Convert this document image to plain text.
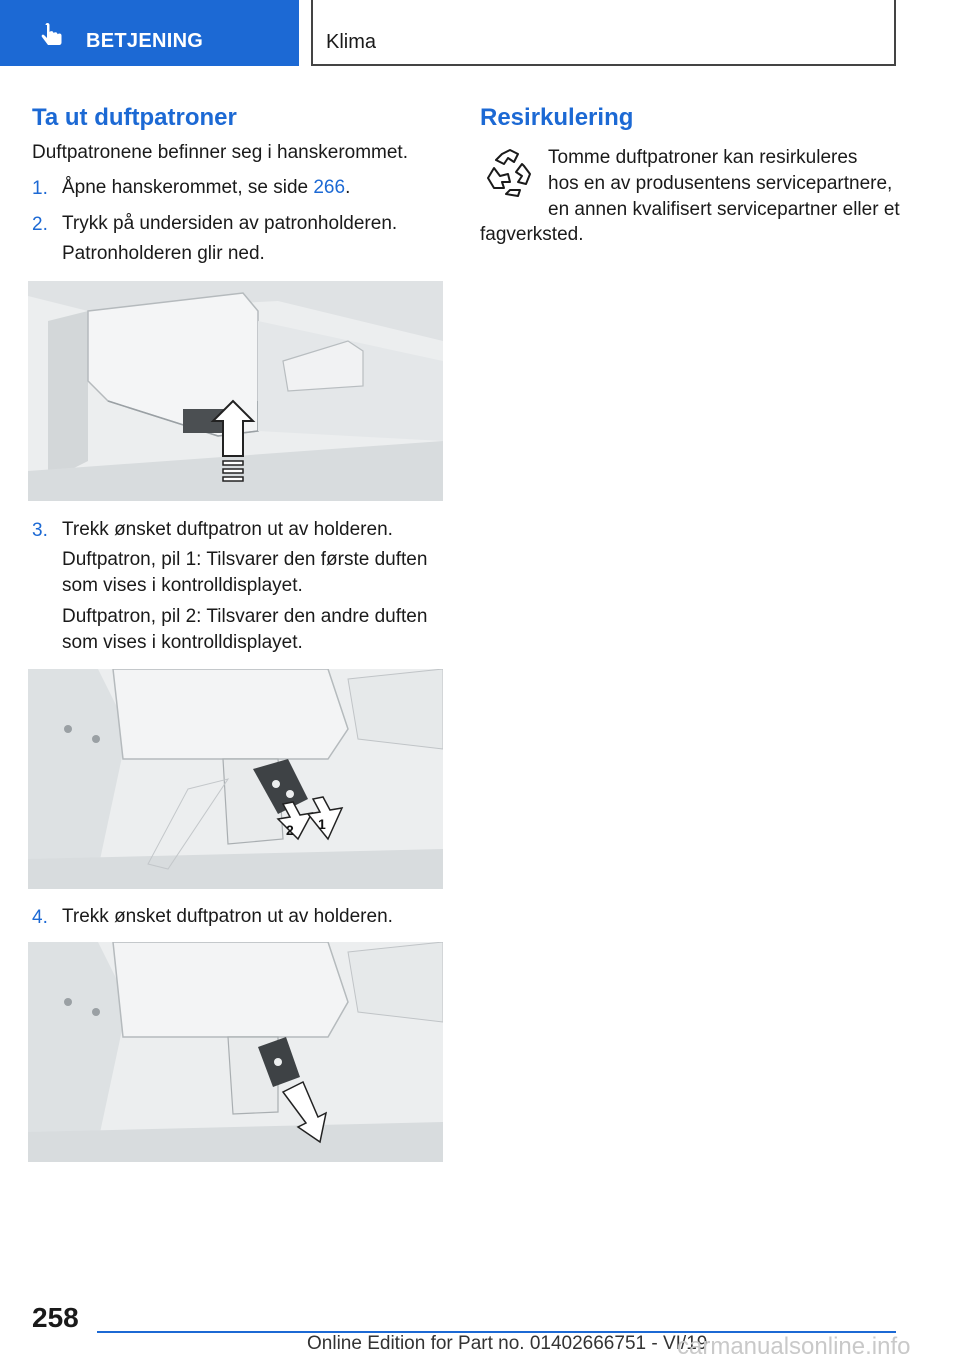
BETJENING	Klima
Ta ut duftpatroner
Duftpatronene befinner seg i hanskerommet.
1. Åpne hanskerommet, se side 266.
2. Trykk på undersiden av patronholderen.
Patronholderen glir ned.
3. Trekk ønsket duftpatron ut av holderen.
Duftpatron, pil 1: Tilsvarer den første duften
som vises i kontrolldisplayet.
Duftpatron, pil 2: Tilsvarer den andre duften
som vises i kontrolldisplayet.
2 1
4. Trekk ønsket duftpatron ut av holderen.
Resirkulering
Tomme duftpatroner kan resirkuleres
hos en av produsentens servicepartnere,
en annen kvalifisert servicepartner eller et
fagverksted.
258
Online Edition for Part no. 01402666751 - VI/19
carmanualsonline.info
